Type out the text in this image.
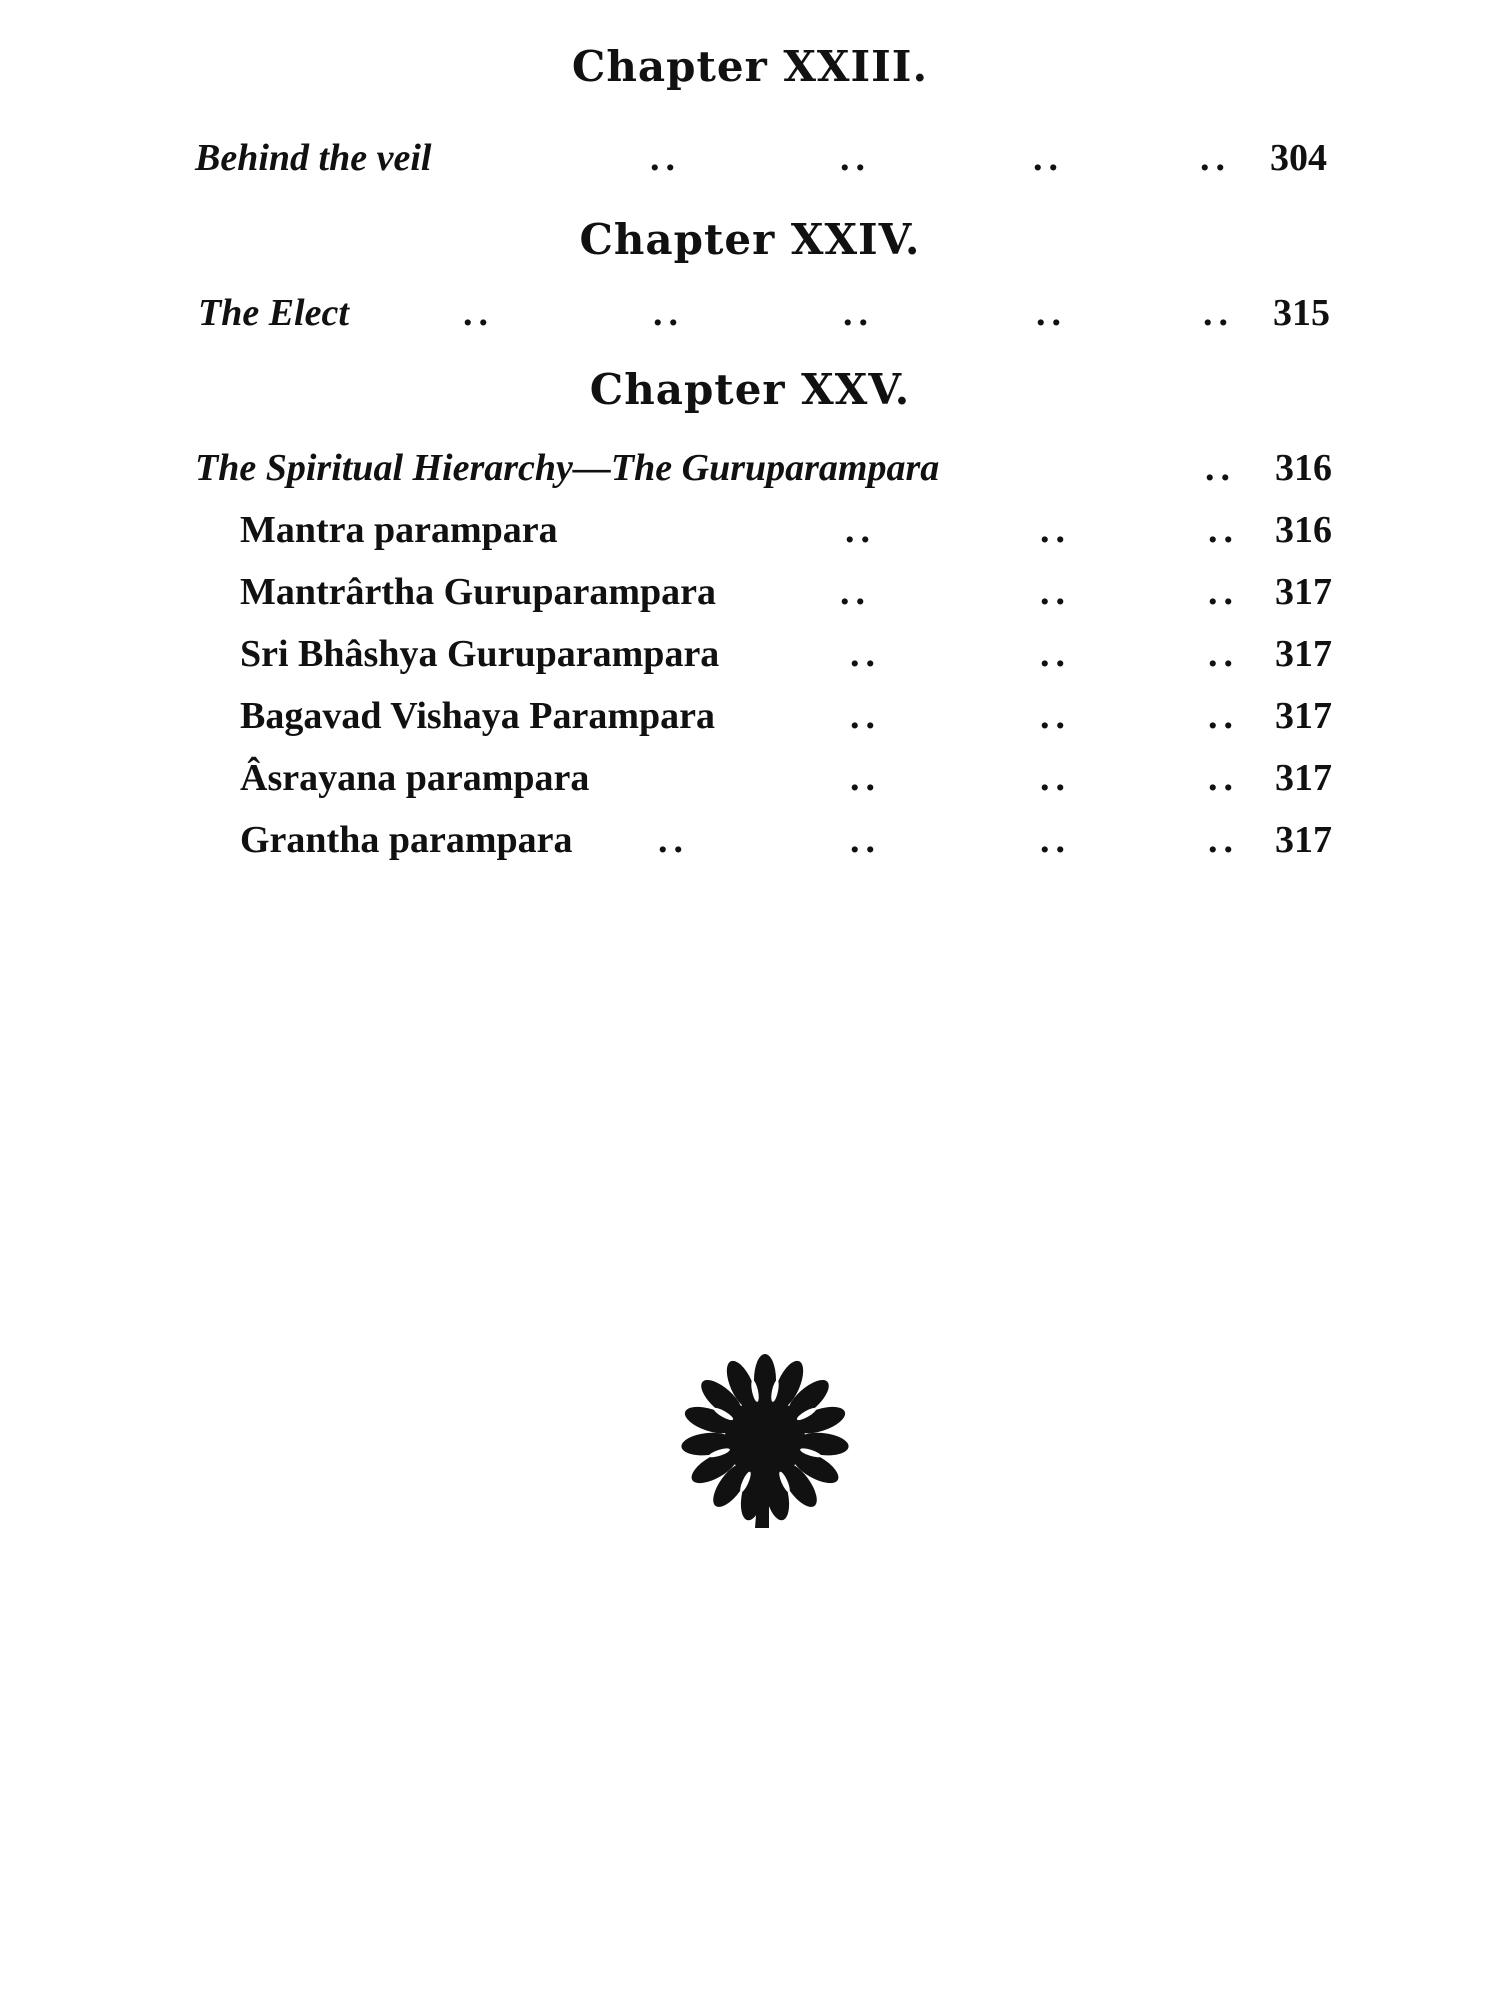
Chapter XXIII.
Behind the veil	..	..	..	.. 304
Chapter XXIV.
The Elect	..	..	..	..	.. 315
Chapter XXV.
The Spiritual Hierarchy—The Guruparampara	.. 316
Mantra parampara	..	..	.. 316
Mantrârtha Guruparampara	..	..	.. 317
Sri Bhâshya Guruparampara	..	..	.. 317
Bagavad Vishaya Parampara	..	..	.. 317
Âsrayana parampara	..	..	.. 317
Grantha parampara ..	..	..	.. 317
